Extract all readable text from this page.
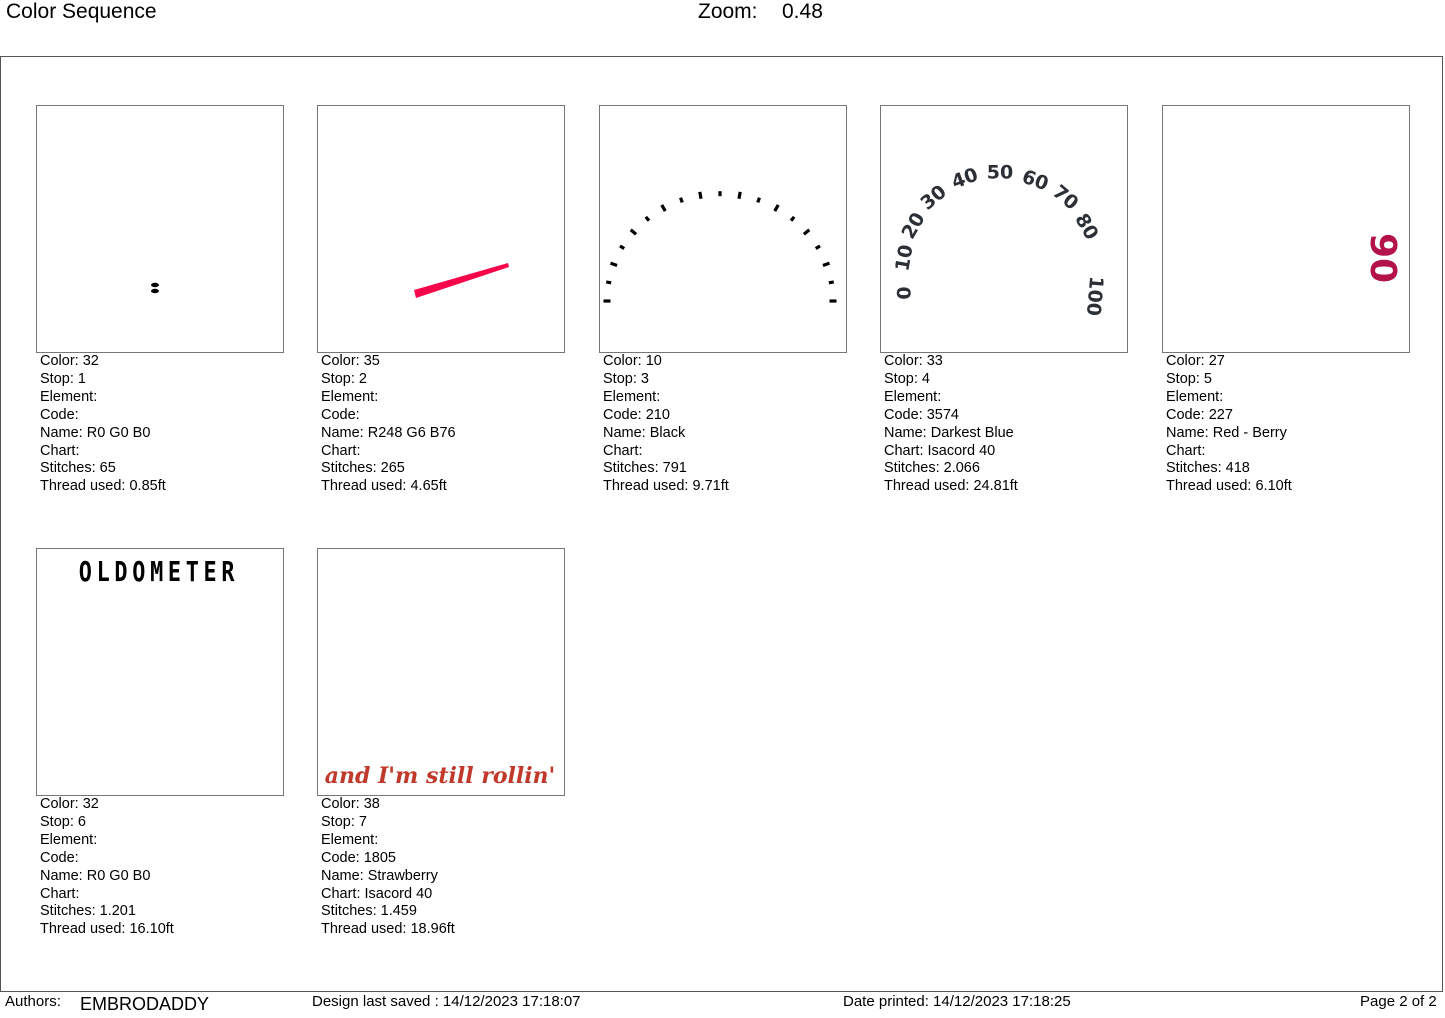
Color Sequence	Zoom: 0.48
Color: 32
Stop: 1
Element:
Code:
Name: R0 G0 B0
Chart:
Stitches: 65
Thread used: 0.85ft
Color: 35
Stop: 2
Element:
Code:
Name: R248 G6 B76
Chart:
Stitches: 265
Thread used: 4.65ft
Color: 10
Stop: 3
Element:
Code: 210
Name: Black
Chart:
Stitches: 791
Thread used: 9.71ft
0
10
20
30
40 50 60
70
80
100
Color: 33
Stop: 4
Element:
Code: 3574
Name: Darkest Blue
Chart: Isacord 40
Stitches: 2.066
Thread used: 24.81ft
90
Color: 27
Stop: 5
Element:
Code: 227
Name: Red - Berry
Chart:
Stitches: 418
Thread used: 6.10ft
OLDOMETER
Color: 32
Stop: 6
Element:
Code:
Name: R0 G0 B0
Chart:
Stitches: 1.201
Thread used: 16.10ft
and I'm still rollin'
Color: 38
Stop: 7
Element:
Code: 1805
Name: Strawberry
Chart: Isacord 40
Stitches: 1.459
Thread used: 18.96ft
Authors: EMBRODADDY	Design last saved : 14/12/2023 17:18:07	Date printed: 14/12/2023 17:18:25	Page 2 of 2
